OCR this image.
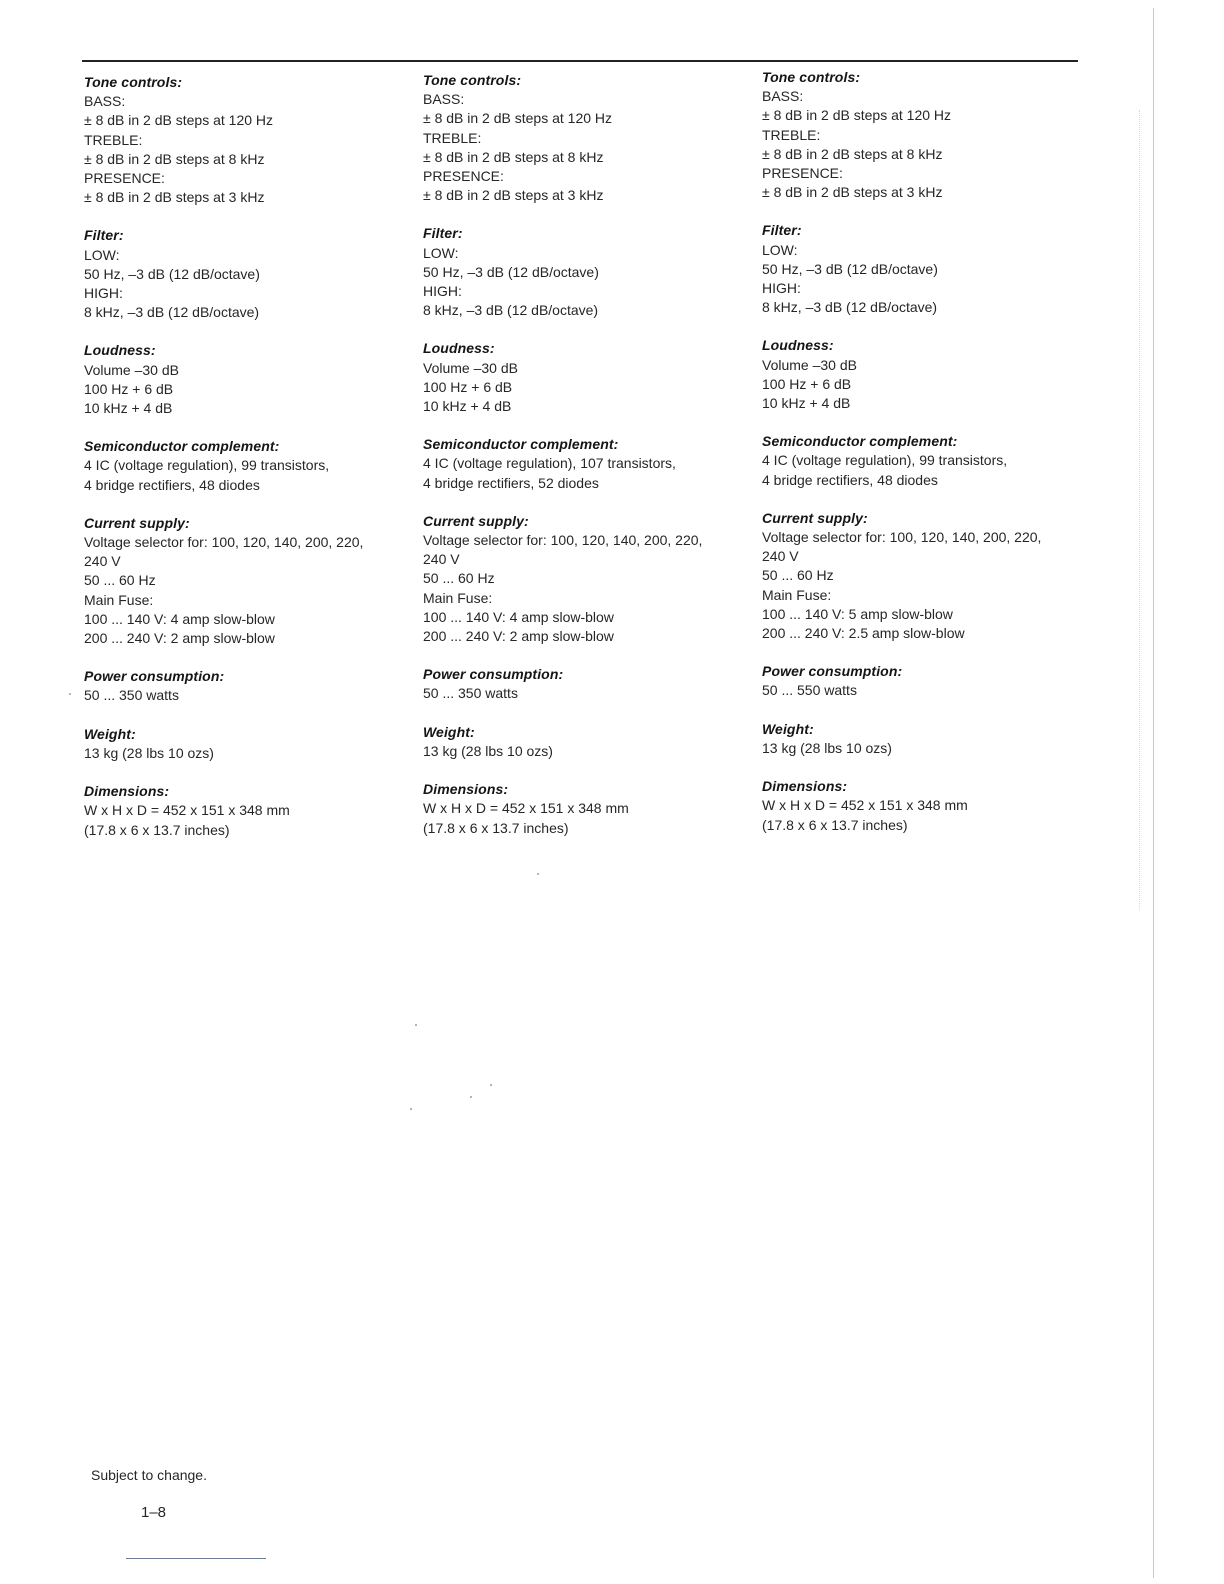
Tone controls:
BASS:
± 8 dB in 2 dB steps at 120 Hz
TREBLE:
± 8 dB in 2 dB steps at 8 kHz
PRESENCE:
± 8 dB in 2 dB steps at 3 kHz
Filter:
LOW:
50 Hz, –3 dB (12 dB/octave)
HIGH:
8 kHz, –3 dB (12 dB/octave)
Loudness:
Volume –30 dB
100 Hz + 6 dB
10 kHz + 4 dB
Semiconductor complement:
4 IC (voltage regulation), 99 transistors,
4 bridge rectifiers, 48 diodes
Current supply:
Voltage selector for: 100, 120, 140, 200, 220,
240 V
50 ... 60 Hz
Main Fuse:
100 ... 140 V: 4 amp slow-blow
200 ... 240 V: 2 amp slow-blow
Power consumption:
50 ... 350 watts
Weight:
13 kg (28 lbs 10 ozs)
Dimensions:
W x H x D = 452 x 151 x 348 mm
(17.8 x 6 x 13.7 inches)
Tone controls:
BASS:
± 8 dB in 2 dB steps at 120 Hz
TREBLE:
± 8 dB in 2 dB steps at 8 kHz
PRESENCE:
± 8 dB in 2 dB steps at 3 kHz
Filter:
LOW:
50 Hz, –3 dB (12 dB/octave)
HIGH:
8 kHz, –3 dB (12 dB/octave)
Loudness:
Volume –30 dB
100 Hz + 6 dB
10 kHz + 4 dB
Semiconductor complement:
4 IC (voltage regulation), 107 transistors,
4 bridge rectifiers, 52 diodes
Current supply:
Voltage selector for: 100, 120, 140, 200, 220,
240 V
50 ... 60 Hz
Main Fuse:
100 ... 140 V: 4 amp slow-blow
200 ... 240 V: 2 amp slow-blow
Power consumption:
50 ... 350 watts
Weight:
13 kg (28 lbs 10 ozs)
Dimensions:
W x H x D = 452 x 151 x 348 mm
(17.8 x 6 x 13.7 inches)
Tone controls:
BASS:
± 8 dB in 2 dB steps at 120 Hz
TREBLE:
± 8 dB in 2 dB steps at 8 kHz
PRESENCE:
± 8 dB in 2 dB steps at 3 kHz
Filter:
LOW:
50 Hz, –3 dB (12 dB/octave)
HIGH:
8 kHz, –3 dB (12 dB/octave)
Loudness:
Volume –30 dB
100 Hz + 6 dB
10 kHz + 4 dB
Semiconductor complement:
4 IC (voltage regulation), 99 transistors,
4 bridge rectifiers, 48 diodes
Current supply:
Voltage selector for: 100, 120, 140, 200, 220,
240 V
50 ... 60 Hz
Main Fuse:
100 ... 140 V: 5 amp slow-blow
200 ... 240 V: 2.5 amp slow-blow
Power consumption:
50 ... 550 watts
Weight:
13 kg (28 lbs 10 ozs)
Dimensions:
W x H x D = 452 x 151 x 348 mm
(17.8 x 6 x 13.7 inches)
Subject to change.
1–8
